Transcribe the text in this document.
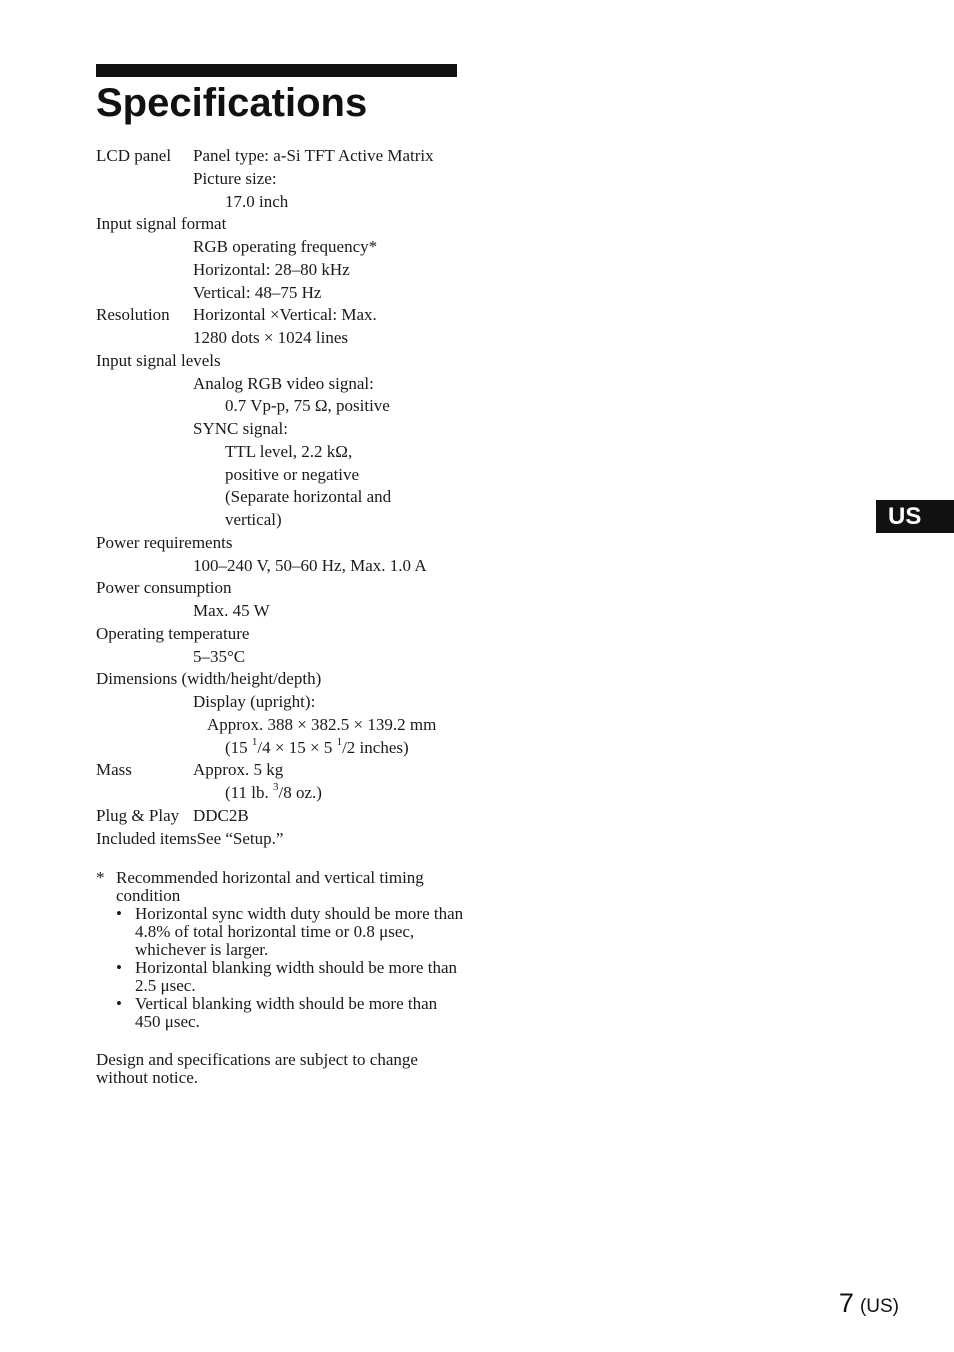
Specifications
LCD panel Panel type: a-Si TFT Active Matrix
Picture size:
17.0 inch
Input signal format
RGB operating frequency*
Horizontal: 28–80 kHz
Vertical: 48–75 Hz
Resolution Horizontal ×Vertical: Max.
1280 dots × 1024 lines
Input signal levels
Analog RGB video signal:
0.7 Vp-p, 75 Ω, positive
SYNC signal:
TTL level, 2.2 kΩ,
positive or negative
(Separate horizontal and
vertical)
Power requirements
100–240 V, 50–60 Hz, Max. 1.0 A
Power consumption
Max. 45 W
Operating temperature
5–35°C
Dimensions (width/height/depth)
Display (upright):
Approx. 388 × 382.5 × 139.2 mm
(15 $^1$/4 × 15 × 5 $^1$/2 inches)
Mass	Approx. 5 kg
(11 lb. $^3$/8 oz.)
Plug & Play DDC2B
Included itemsSee “Setup.”
* Recommended horizontal and vertical timing condition
• Horizontal sync width duty should be more than 4.8% of total horizontal time or 0.8 μsec, whichever is larger.
• Horizontal blanking width should be more than 2.5 μsec.
• Vertical blanking width should be more than 450 μsec.
Design and specifications are subject to change without notice.
US
7 (US)
